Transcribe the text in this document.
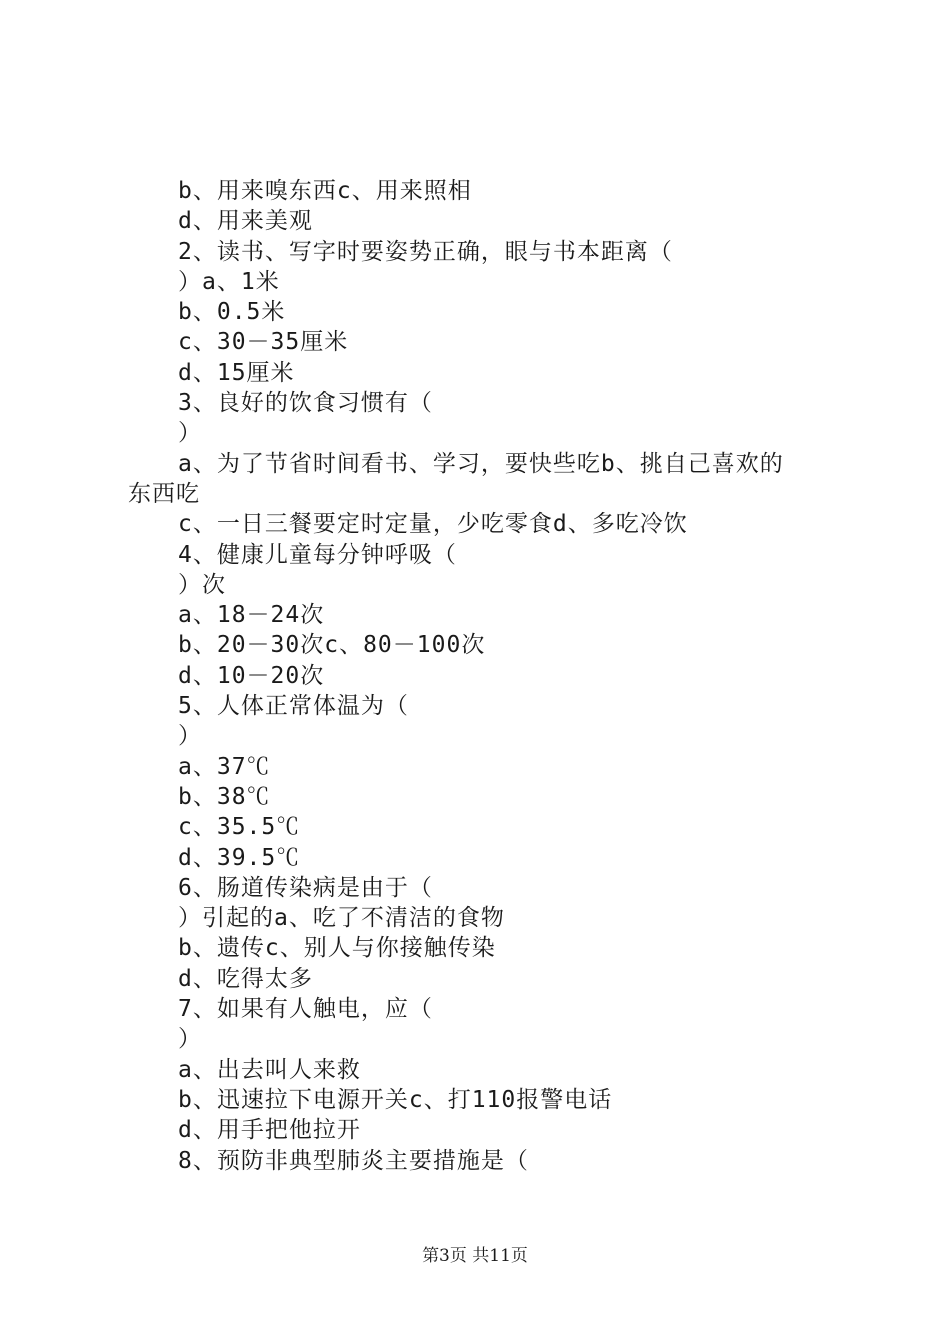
b、用来嗅东西c、用来照相
d、用来美观
2、读书、写字时要姿势正确，眼与书本距离（
）a、1米
b、0.5米
c、30－35厘米
d、15厘米
3、良好的饮食习惯有（
）
a、为了节省时间看书、学习，要快些吃b、挑自己喜欢的
东西吃
c、一日三餐要定时定量，少吃零食d、多吃冷饮
4、健康儿童每分钟呼吸（
）次
a、18－24次
b、20－30次c、80－100次
d、10－20次
5、人体正常体温为（
）
a、37℃
b、38℃
c、35.5℃
d、39.5℃
6、肠道传染病是由于（
）引起的a、吃了不清洁的食物
b、遗传c、别人与你接触传染
d、吃得太多
7、如果有人触电，应（
）
a、出去叫人来救
b、迅速拉下电源开关c、打110报警电话
d、用手把他拉开
8、预防非典型肺炎主要措施是（
第3页 共11页
